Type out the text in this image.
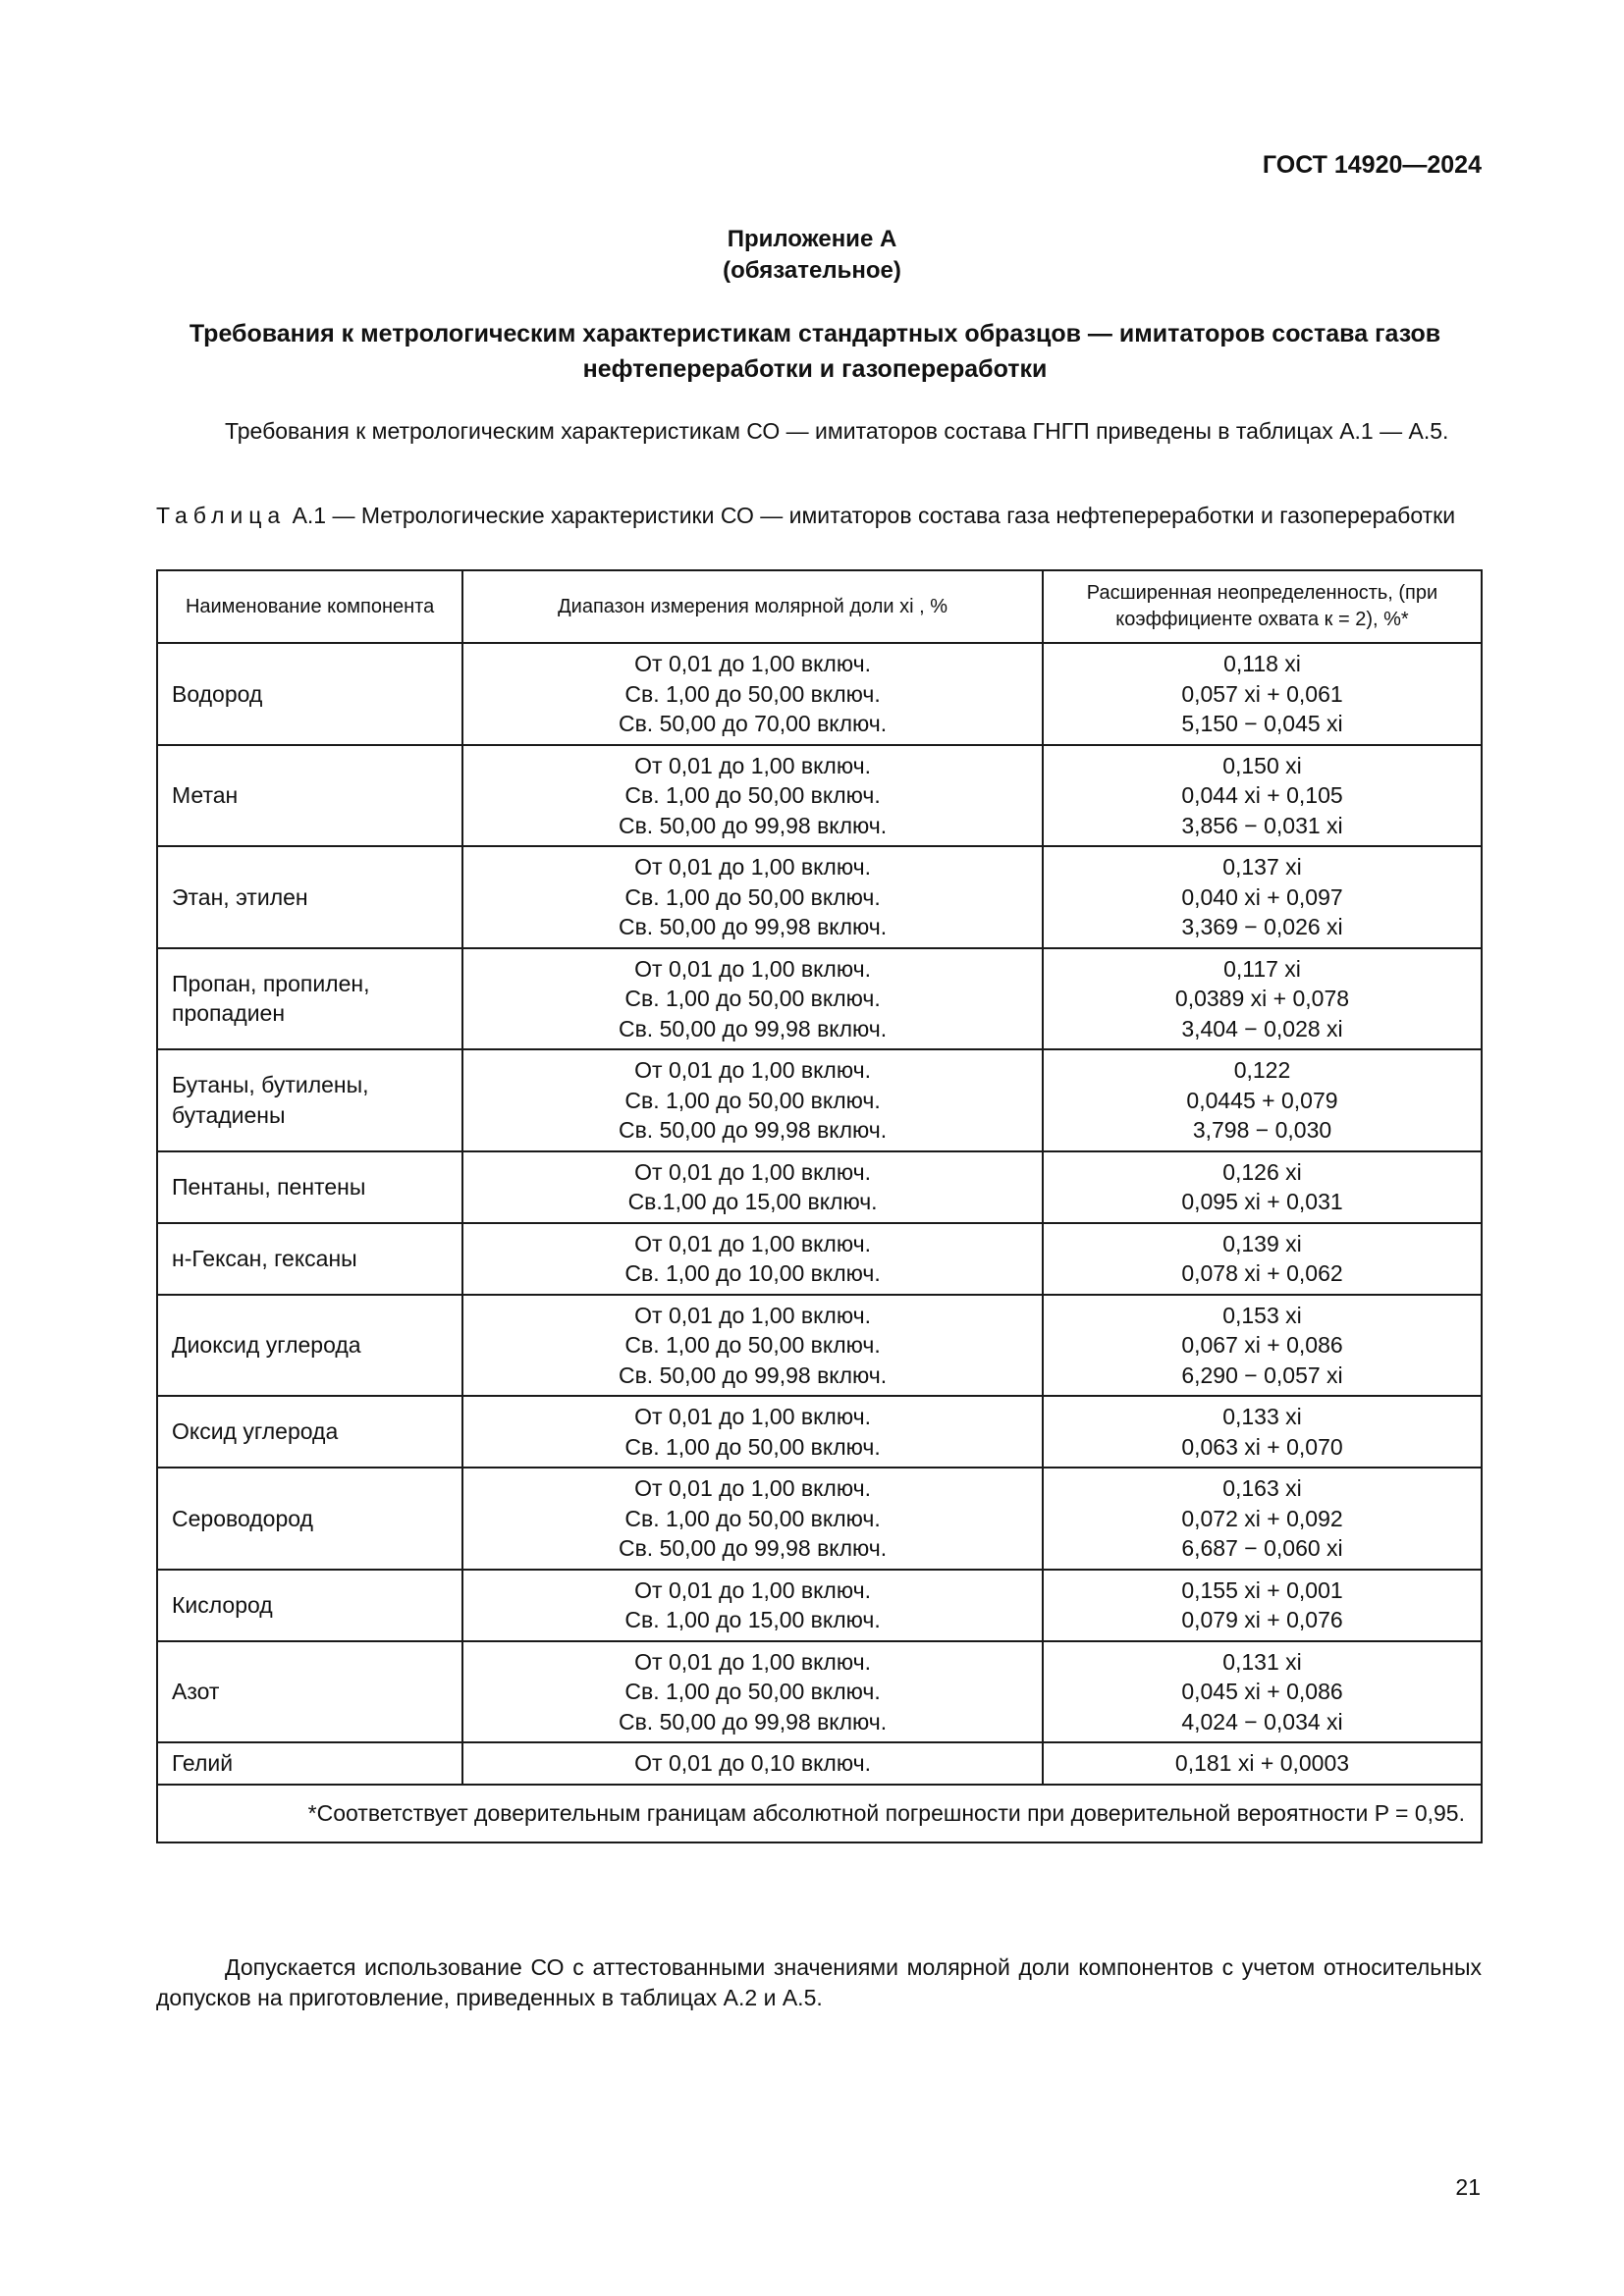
ГОСТ 14920—2024
Приложение А
(обязательное)
Требования к метрологическим характеристикам стандартных образцов — имитаторов состава газов нефтепереработки и газопереработки
Требования к метрологическим характеристикам СО — имитаторов состава ГНГП приведены в таблицах А.1 — А.5.
Таблица А.1 — Метрологические характеристики СО — имитаторов состава газа нефтепереработки и газопереработки
Наименование компонента	Диапазон измерения молярной доли xi , %	Расширенная неопределенность, (при коэффициенте охвата к = 2), %*
Водород	От 0,01 до 1,00 включ.
Св. 1,00 до 50,00 включ.
Св. 50,00 до 70,00 включ.	0,118 xi
0,057 xi + 0,061
5,150 − 0,045 xi

Метан	От 0,01 до 1,00 включ.
Св. 1,00 до 50,00 включ.
Св. 50,00 до 99,98 включ.	0,150 xi
0,044 xi + 0,105
3,856 − 0,031 xi

Этан, этилен	От 0,01 до 1,00 включ.
Св. 1,00 до 50,00 включ.
Св. 50,00 до 99,98 включ.	0,137 xi
0,040 xi + 0,097
3,369 − 0,026 xi

Пропан, пропилен, пропадиен	От 0,01 до 1,00 включ.
Св. 1,00 до 50,00 включ.
Св. 50,00 до 99,98 включ.	0,117 xi
0,0389 xi + 0,078
3,404 − 0,028 xi

Бутаны, бутилены, бутадиены	От 0,01 до 1,00 включ.
Св. 1,00 до 50,00 включ.
Св. 50,00 до 99,98 включ.	0,122
0,0445 + 0,079
3,798 − 0,030

Пентаны, пентены	От 0,01 до 1,00 включ.
Св.1,00 до 15,00 включ.	0,126 xi
0,095 xi + 0,031

н-Гексан, гексаны	От 0,01 до 1,00 включ.
Св. 1,00 до 10,00 включ.	0,139 xi
0,078 xi + 0,062

Диоксид углерода	От 0,01 до 1,00 включ.
Св. 1,00 до 50,00 включ.
Св. 50,00 до 99,98 включ.	0,153 xi
0,067 xi + 0,086
6,290 − 0,057 xi

Оксид углерода	От 0,01 до 1,00 включ.
Св. 1,00 до 50,00 включ.	0,133 xi
0,063 xi + 0,070

Сероводород	От 0,01 до 1,00 включ.
Св. 1,00 до 50,00 включ.
Св. 50,00 до 99,98 включ.	0,163 xi
0,072 xi + 0,092
6,687 − 0,060 xi

Кислород	От 0,01 до 1,00 включ.
Св. 1,00 до 15,00 включ.	0,155 xi + 0,001
0,079 xi + 0,076

Азот	От 0,01 до 1,00 включ.
Св. 1,00 до 50,00 включ.
Св. 50,00 до 99,98 включ.	0,131 xi
0,045 xi + 0,086
4,024 − 0,034 xi

Гелий	От 0,01 до 0,10 включ.	0,181 xi + 0,0003

*Соответствует доверительным границам абсолютной погрешности при доверительной вероятности P = 0,95.		
Допускается использование СО с аттестованными значениями молярной доли компонентов с учетом относительных допусков на приготовление, приведенных в таблицах А.2 и А.5.
21
